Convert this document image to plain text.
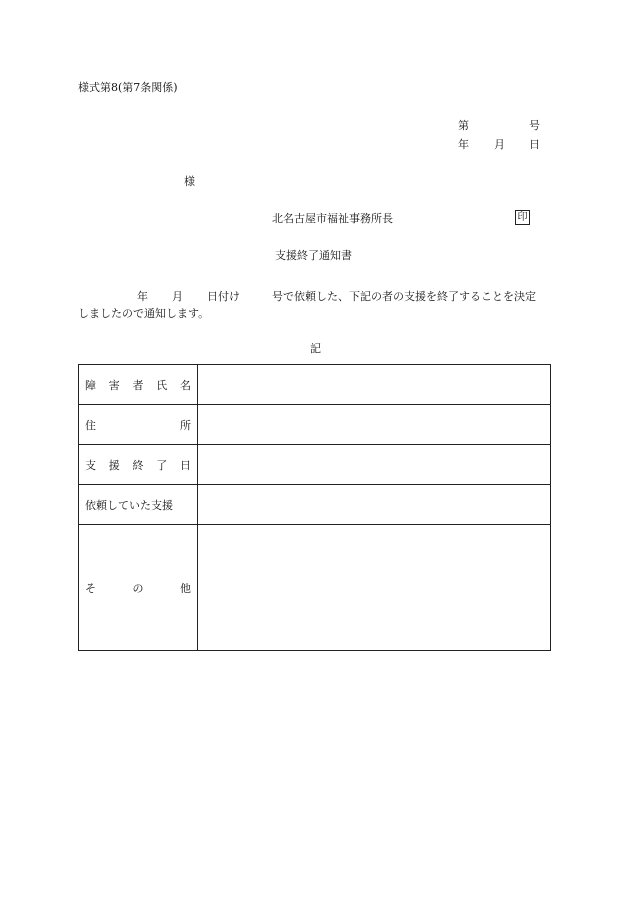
様式第8(第7条関係)
第	号
年 月 日
様
北名古屋市福祉事務所長	印
支援終了通知書
年 月 日付け	号で依頼した、下記の者の支援を終了することを決定
しましたので通知します。
記
障 害 者 氏 名	

住 所	

支 援 終 了 日	

依頼していた支援	

そ の 他	
